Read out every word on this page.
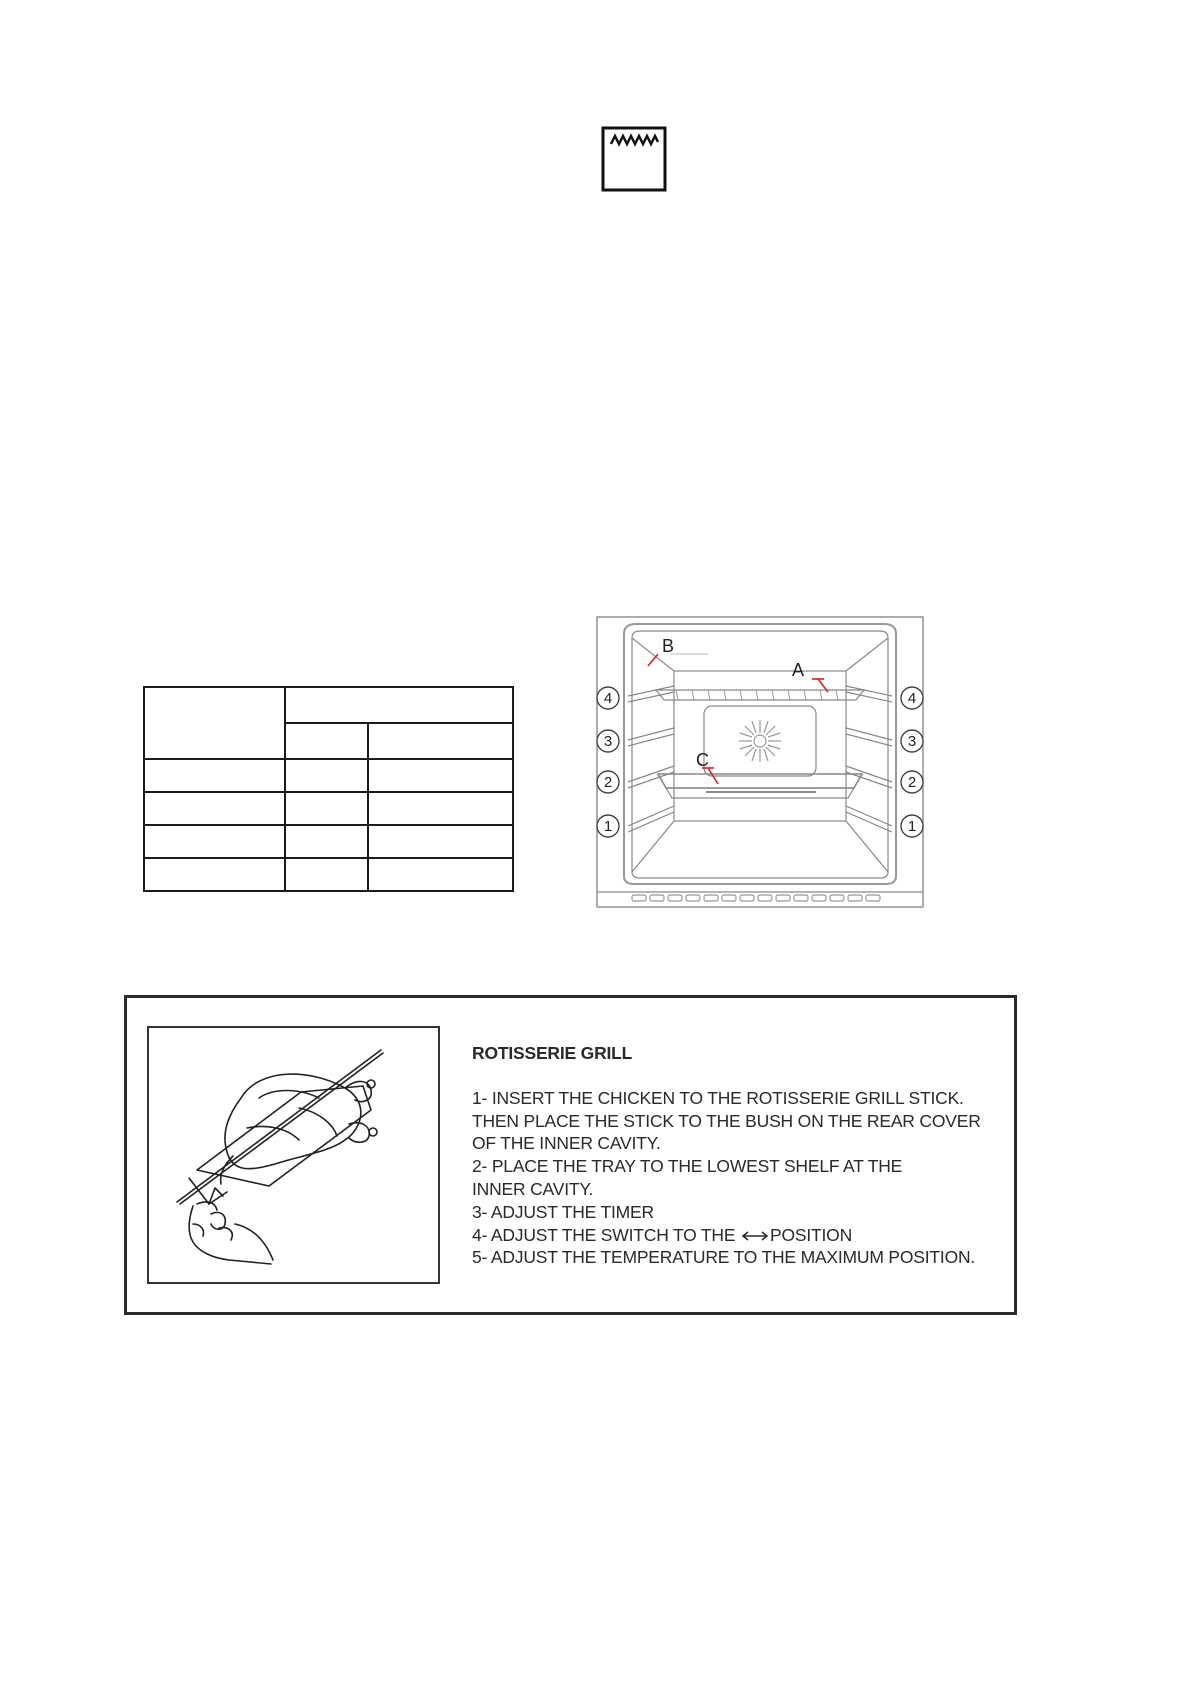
B
A
C
4
3
2
1
4
3
2
1
ROTISSERIE GRILL
1- INSERT THE CHICKEN TO THE ROTISSERIE GRILL STICK.
THEN PLACE THE STICK TO THE BUSH ON THE REAR COVER
OF THE INNER CAVITY.
2- PLACE THE TRAY TO THE LOWEST SHELF AT THE
INNER CAVITY.
3- ADJUST THE TIMER
4- ADJUST THE SWITCH TO THE POSITION
5- ADJUST THE TEMPERATURE TO THE MAXIMUM POSITION.
